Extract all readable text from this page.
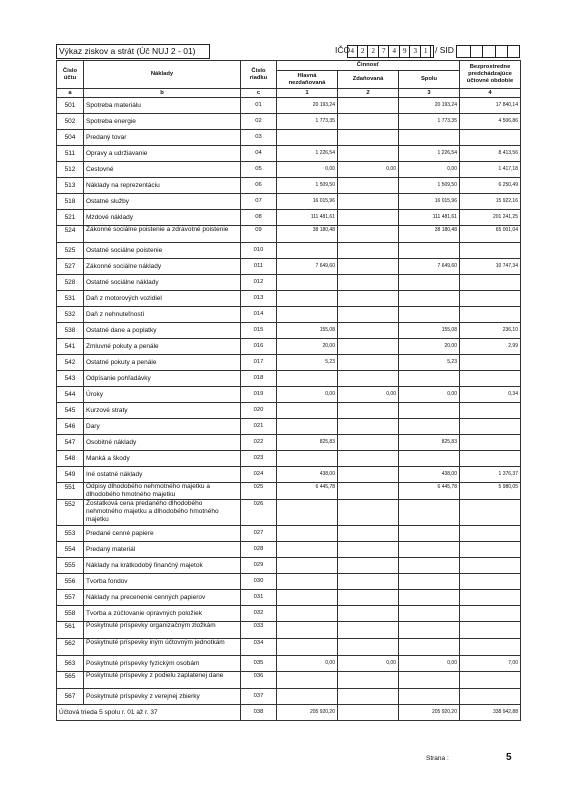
Výkaz ziskov a strát (Úč NUJ 2 - 01)	IČO 4	2	2	7	4	9	3	1 / SID
Číslo účtu	Náklady	Číslo riadku	Činnosť			Bezprostredne predchádzajúce účtovné obdobie
			Hlavná nezdaňovaná	Zdaňovaná	Spolu	
a	b	c	1	2	3	4
501	Spotreba materiálu	01	20 193,24		20 193,24	17 840,14
502	Spotreba energie	02	1 773,35		1 773,35	4 506,86
504	Predaný tovar	03				
511	Opravy a udržiavanie	04	1 226,54		1 226,54	8 413,56
512	Cestovné	05	0,00	0,00	0,00	1 417,18
513	Náklady na reprezentáciu	06	1 509,50		1 509,50	6 250,49
518	Ostatné služby	07	16 015,96		16 015,96	15 922,16
521	Mzdové náklady	08	111 481,61		111 481,61	201 241,25
524	Zákonné sociálne poistenie a zdravotné poistenie	09	38 180,48		38 180,48	65 001,04
525	Ostatné sociálne poistenie	010				
527	Zákonné sociálne náklady	011	7 649,60		7 649,60	10 747,34
528	Ostatné sociálne náklady	012				
531	Daň z motorových vozidiel	013				
532	Daň z nehnuteľností	014				
538	Ostatné dane a poplatky	015	155,08		155,08	236,10
541	Zmluvné pokuty a penále	016	20,00		20,00	2,99
542	Ostatné pokuty a penále	017	5,23		5,23	
543	Odpísanie pohľadávky	018				
544	Úroky	019	0,00	0,00	0,00	0,34
545	Kurzové straty	020				
546	Dary	021				
547	Osobitné náklady	022	825,83		825,83	
548	Manká a škody	023				
549	Iné ostatné náklady	024	438,00		438,00	1 376,37
551	Odpisy dlhodobého nehmotného majetku a dlhodobého hmotného majetku	025	6 445,78		6 445,78	5 980,05
552	Zostatková cena predaného dlhodobého nehmotného majetku a dlhodobého hmotného majetku	026				
553	Predané cenné papiere	027				
554	Predaný materiál	028				
555	Náklady na krátkodobý finančný majetok	029				
556	Tvorba fondov	030				
557	Náklady na precenenie cenných papierov	031				
558	Tvorba a zúčtovanie opravných položiek	032				
561	Poskytnuté príspevky organizačným zložkám	033				
562	Poskytnuté príspevky iným účtovným jednotkám	034				
563	Poskytnuté príspevky fyzickým osobám	035	0,00	0,00	0,00	7,00
565	Poskytnuté príspevky z podielu zaplatenej dane	036				
567	Poskytnuté príspevky z verejnej zbierky	037				
Účtová trieda 5 spolu r. 01 až r. 37		038	205 920,20		205 920,20	338 942,88
Strana :	5
